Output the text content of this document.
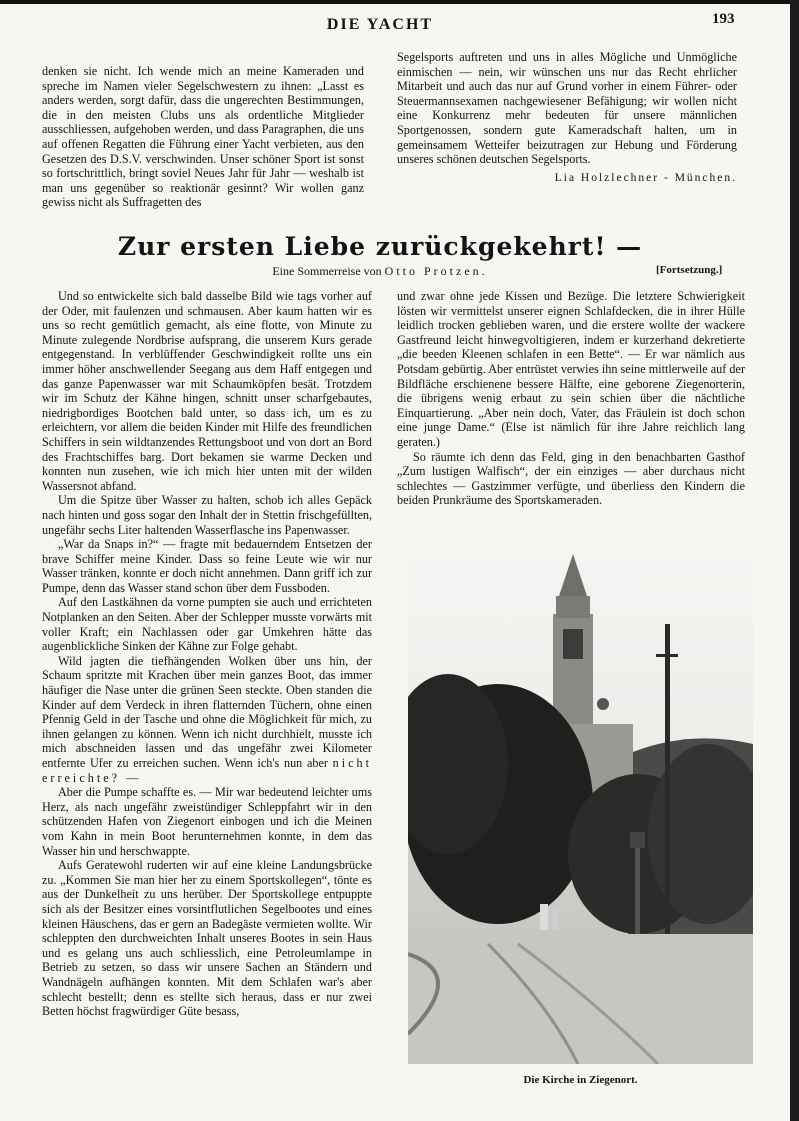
DIE YACHT	193

denken sie nicht. Ich wende mich an meine Kameraden und spreche im Namen vieler Segelschwestern zu ihnen: „Lasst es anders werden, sorgt dafür, dass die ungerechten Bestimmungen, die in den meisten Clubs uns als ordentliche Mitglieder ausschliessen, aufgehoben werden, und dass Paragraphen, die uns auf offenen Regatten die Führung einer Yacht verbieten, aus den Gesetzen des D.S.V. verschwinden. Unser schöner Sport ist sonst so fortschrittlich, bringt soviel Neues Jahr für Jahr — weshalb ist man uns gegenüber so reaktionär gesinnt? Wir wollen ganz gewiss nicht als Suffragetten des

Segelsports auftreten und uns in alles Mögliche und Unmögliche einmischen — nein, wir wünschen uns nur das Recht ehrlicher Mitarbeit und auch das nur auf Grund vorher in einem Führer- oder Steuermannsexamen nachgewiesener Befähigung; wir wollen nicht eine Konkurrenz mehr bedeuten für unsere männlichen Sportgenossen, sondern gute Kameradschaft halten, um in gemeinsamem Wetteifer beizutragen zur Hebung und Förderung unseres schönen deutschen Segelsports.

Lia Holzlechner - München.
Zur ersten Liebe zurückgekehrt! —
Eine Sommerreise von Otto Protzen.	[Fortsetzung.]

Und so entwickelte sich bald dasselbe Bild wie tags vorher auf der Oder, mit faulenzen und schmausen. Aber kaum hatten wir es uns so recht gemütlich gemacht, als eine flotte, von Minute zu Minute zulegende Nordbrise aufsprang, die unserem Kurs gerade entgegenstand. In verblüffender Geschwindigkeit rollte uns ein immer höher anschwellender Seegang aus dem Haff entgegen und das ganze Papenwasser war mit Schaumköpfen besät. Trotzdem wir im Schutz der Kähne hingen, schnitt unser scharfgebautes, niedrigbordiges Bootchen bald unter, so dass ich, um es zu erleichtern, vor allem die beiden Kinder mit Hilfe des freundlichen Schiffers in sein wildtanzendes Rettungsboot und von dort an Bord des Frachtschiffes barg. Dort bekamen sie warme Decken und konnten nun zusehen, wie ich mich hier unten mit der wilden Wassersnot abfand.

Um die Spitze über Wasser zu halten, schob ich alles Gepäck nach hinten und goss sogar den Inhalt der in Stettin frischgefüllten, ungefähr sechs Liter haltenden Wasserflasche ins Papenwasser.

„War da Snaps in?“ — fragte mit bedauerndem Entsetzen der brave Schiffer meine Kinder. Dass so feine Leute wie wir nur Wasser tränken, konnte er doch nicht annehmen. Dann griff ich zur Pumpe, denn das Wasser stand schon über dem Fussboden.

Auf den Lastkähnen da vorne pumpten sie auch und errichteten Notplanken an den Seiten. Aber der Schlepper musste vorwärts mit voller Kraft; ein Nachlassen oder gar Umkehren hätte das augenblickliche Sinken der Kähne zur Folge gehabt.

Wild jagten die tiefhängenden Wolken über uns hin, der Schaum spritzte mit Krachen über mein ganzes Boot, das immer häufiger die Nase unter die grünen Seen steckte. Oben standen die Kinder auf dem Verdeck in ihren flatternden Tüchern, ohne einen Pfennig Geld in der Tasche und ohne die Möglichkeit für mich, zu ihnen gelangen zu können. Wenn ich nicht durchhielt, musste ich mich abschneiden lassen und das ungefähr zwei Kilometer entfernte Ufer zu erreichen suchen. Wenn ich's nun aber nicht erreichte? —

Aber die Pumpe schaffte es. — Mir war bedeutend leichter ums Herz, als nach ungefähr zweistündiger Schleppfahrt wir in den schützenden Hafen von Ziegenort einbogen und ich die Meinen vom Kahn in mein Boot herunternehmen konnte, in dem das Wasser hin und herschwappte.

Aufs Geratewohl ruderten wir auf eine kleine Landungsbrücke zu. „Kommen Sie man hier her zu einem Sportskollegen“, tönte es aus der Dunkelheit zu uns herüber. Der Sportskollege entpuppte sich als der Besitzer eines vorsintflutlichen Segelbootes und eines kleinen Häuschens, das er gern an Badegäste vermieten wollte. Wir schleppten den durchweichten Inhalt unseres Bootes in sein Haus und es gelang uns auch schliesslich, eine Petroleumlampe in Betrieb zu setzen, so dass wir unsere Sachen an Ständern und Wandnägeln aufhängen konnten. Mit dem Schlafen war's aber schlecht bestellt; denn es stellte sich heraus, dass er nur zwei Betten höchst fragwürdiger Güte besass,

und zwar ohne jede Kissen und Bezüge. Die letztere Schwierigkeit lösten wir vermittelst unserer eignen Schlafdecken, die in ihrer Hülle leidlich trocken geblieben waren, und die erstere wollte der wackere Gastfreund leicht hinwegvoltigieren, indem er kurzerhand dekretierte „die beeden Kleenen schlafen in een Bette“. — Er war nämlich aus Potsdam gebürtig. Aber entrüstet verwies ihn seine mittlerweile auf der Bildfläche erschienene bessere Hälfte, eine geborene Ziegenorterin, die übrigens wenig erbaut zu sein schien über die nächtliche Einquartierung. „Aber nein doch, Vater, das Fräulein ist doch schon eine junge Dame.“ (Else ist nämlich für ihre Jahre reichlich lang geraten.)

So räumte ich denn das Feld, ging in den benachbarten Gasthof „Zum lustigen Walfisch“, der ein einziges — aber durchaus nicht schlechtes — Gastzimmer verfügte, und überliess den Kindern die beiden Prunkräume des Sportskameraden.

Die Kirche in Ziegenort.
